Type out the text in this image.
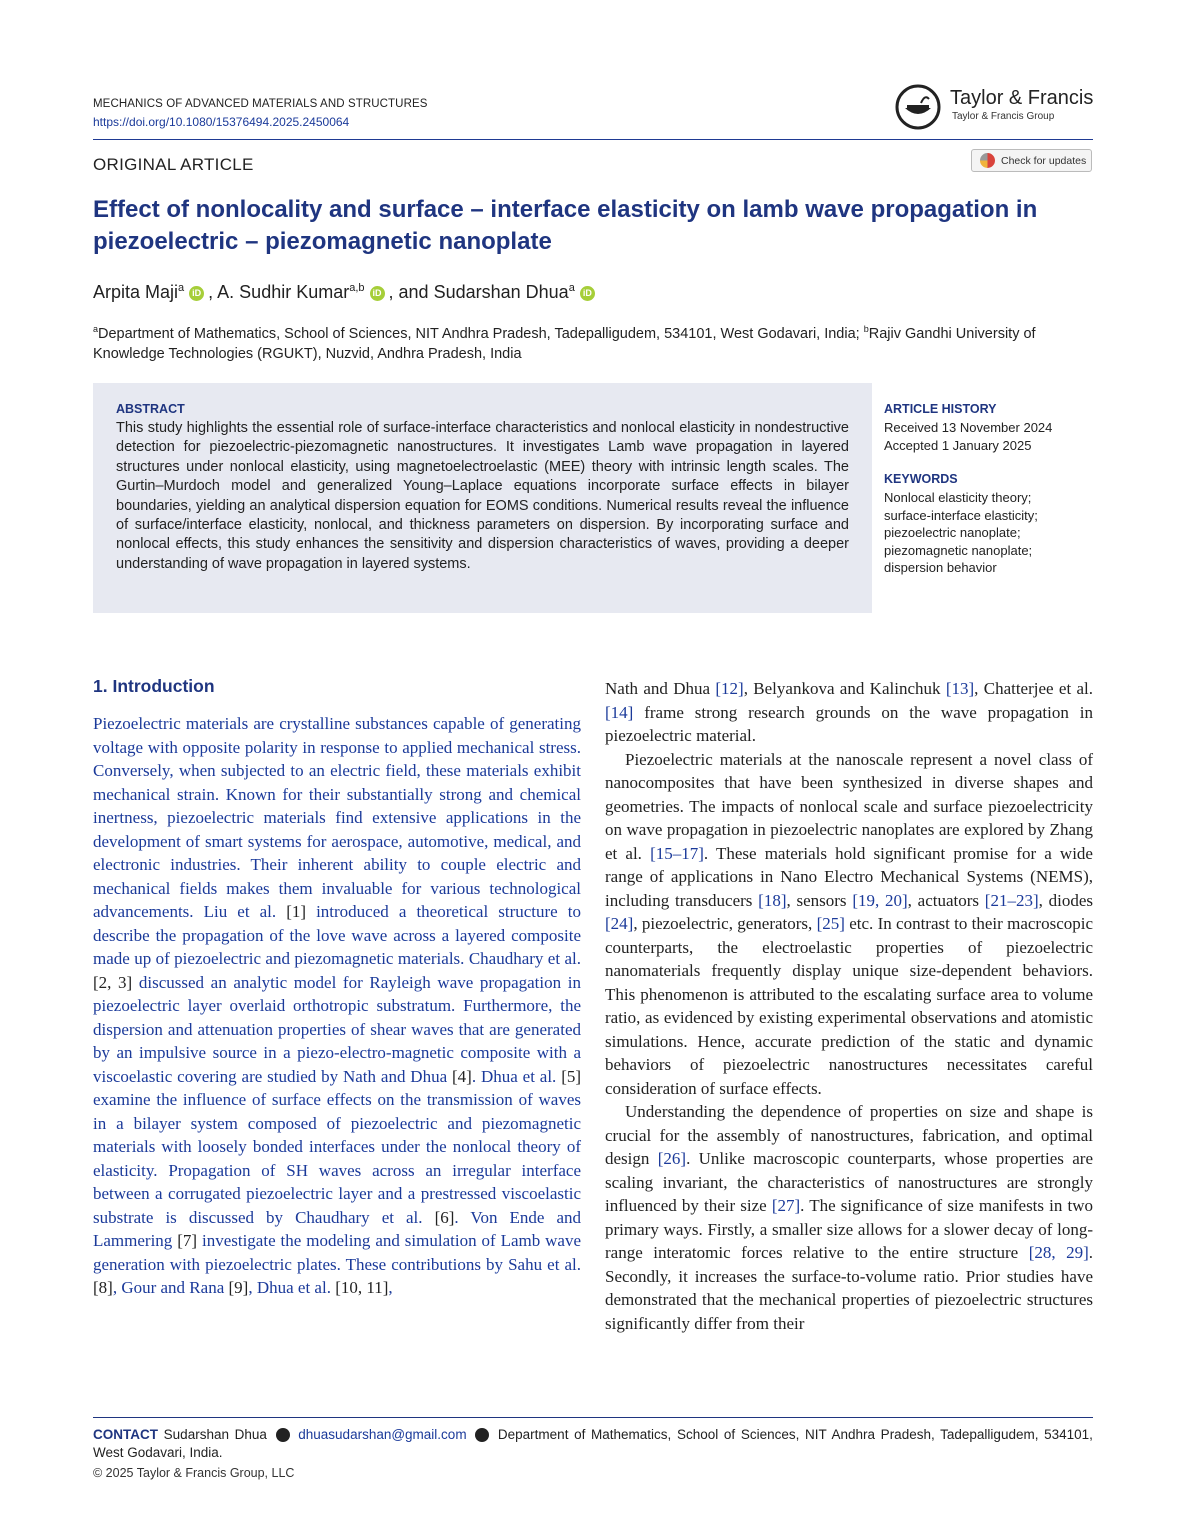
MECHANICS OF ADVANCED MATERIALS AND STRUCTURES
https://doi.org/10.1080/15376494.2025.2450064
Taylor & Francis
Taylor & Francis Group
ORIGINAL ARTICLE	Check for updates
Effect of nonlocality and surface – interface elasticity on lamb wave propagation in piezoelectric – piezomagnetic nanoplate
Arpita Maji$^a$ iD , A. Sudhir Kumar$^{a,b}$ iD , and Sudarshan Dhua$^a$ iD
$^a$Department of Mathematics, School of Sciences, NIT Andhra Pradesh, Tadepalligudem, 534101, West Godavari, India; $^b$Rajiv Gandhi University of Knowledge Technologies (RGUKT), Nuzvid, Andhra Pradesh, India
ABSTRACT
This study highlights the essential role of surface-interface characteristics and nonlocal elasticity in nondestructive detection for piezoelectric-piezomagnetic nanostructures. It investigates Lamb wave propagation in layered structures under nonlocal elasticity, using magnetoelectroelastic (MEE) theory with intrinsic length scales. The Gurtin–Murdoch model and generalized Young–Laplace equations incorporate surface effects in bilayer boundaries, yielding an analytical dispersion equation for EOMS conditions. Numerical results reveal the influence of surface/interface elasticity, nonlocal, and thickness parameters on dispersion. By incorporating surface and nonlocal effects, this study enhances the sensitivity and dispersion characteristics of waves, providing a deeper understanding of wave propagation in layered systems.
ARTICLE HISTORY
Received 13 November 2024
Accepted 1 January 2025
KEYWORDS
Nonlocal elasticity theory;
surface-interface elasticity;
piezoelectric nanoplate;
piezomagnetic nanoplate;
dispersion behavior
1. Introduction

Piezoelectric materials are crystalline substances capable of generating voltage with opposite polarity in response to applied mechanical stress. Conversely, when subjected to an electric field, these materials exhibit mechanical strain. Known for their substantially strong and chemical inertness, piezoelectric materials find extensive applications in the development of smart systems for aerospace, automotive, medical, and electronic industries. Their inherent ability to couple electric and mechanical fields makes them invaluable for various technological advancements. Liu et al. [1] introduced a theoretical structure to describe the propagation of the love wave across a layered composite made up of piezoelectric and piezomagnetic materials. Chaudhary et al. [2, 3] discussed an analytic model for Rayleigh wave propagation in piezoelectric layer overlaid orthotropic substratum. Furthermore, the dispersion and attenuation properties of shear waves that are generated by an impulsive source in a piezo-electro-magnetic composite with a viscoelastic covering are studied by Nath and Dhua [4]. Dhua et al. [5] examine the influence of surface effects on the transmission of waves in a bilayer system composed of piezoelectric and piezomagnetic materials with loosely bonded interfaces under the nonlocal theory of elasticity. Propagation of SH waves across an irregular interface between a corrugated piezoelectric layer and a prestressed viscoelastic substrate is discussed by Chaudhary et al. [6]. Von Ende and Lammering [7] investigate the modeling and simulation of Lamb wave generation with piezoelectric plates. These contributions by Sahu et al. [8], Gour and Rana [9], Dhua et al. [10, 11],

Nath and Dhua [12], Belyankova and Kalinchuk [13], Chatterjee et al. [14] frame strong research grounds on the wave propagation in piezoelectric material.

Piezoelectric materials at the nanoscale represent a novel class of nanocomposites that have been synthesized in diverse shapes and geometries. The impacts of nonlocal scale and surface piezoelectricity on wave propagation in piezoelectric nanoplates are explored by Zhang et al. [15–17]. These materials hold significant promise for a wide range of applications in Nano Electro Mechanical Systems (NEMS), including transducers [18], sensors [19, 20], actuators [21–23], diodes [24], piezoelectric, generators, [25] etc. In contrast to their macroscopic counterparts, the electroelastic properties of piezoelectric nanomaterials frequently display unique size-dependent behaviors. This phenomenon is attributed to the escalating surface area to volume ratio, as evidenced by existing experimental observations and atomistic simulations. Hence, accurate prediction of the static and dynamic behaviors of piezoelectric nanostructures necessitates careful consideration of surface effects.

Understanding the dependence of properties on size and shape is crucial for the assembly of nanostructures, fabrication, and optimal design [26]. Unlike macroscopic counterparts, whose properties are scaling invariant, the characteristics of nanostructures are strongly influenced by their size [27]. The significance of size manifests in two primary ways. Firstly, a smaller size allows for a slower decay of long-range interatomic forces relative to the entire structure [28, 29]. Secondly, it increases the surface-to-volume ratio. Prior studies have demonstrated that the mechanical properties of piezoelectric structures significantly differ from their

CONTACT Sudarshan Dhua dhuasudarshan@gmail.com Department of Mathematics, School of Sciences, NIT Andhra Pradesh, Tadepalligudem, 534101, West Godavari, India.
© 2025 Taylor & Francis Group, LLC
